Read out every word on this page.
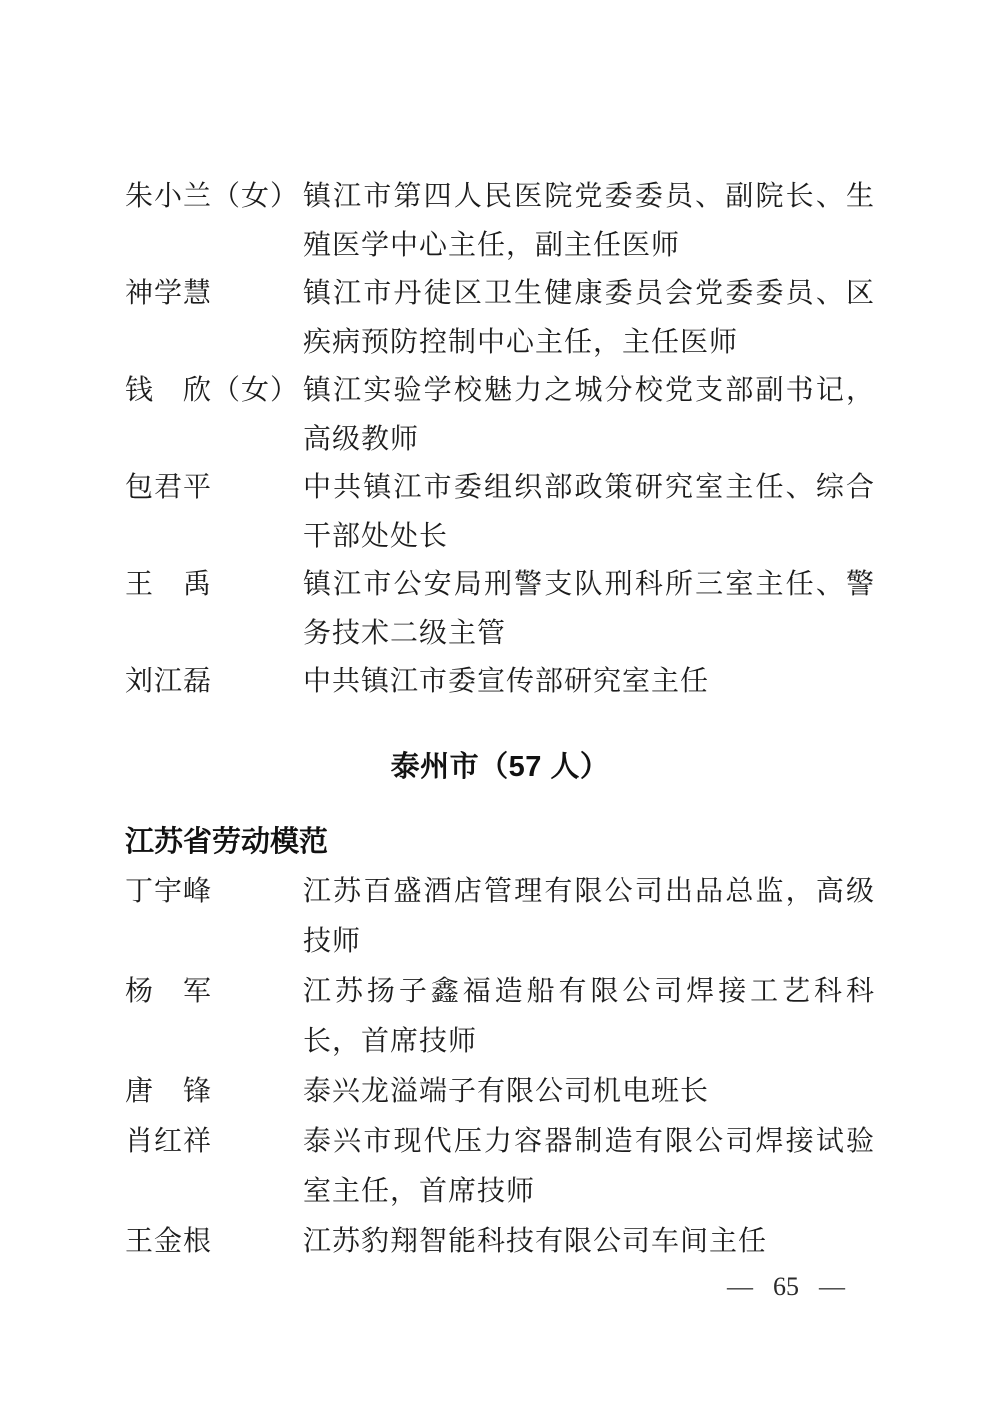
朱小兰（女） 镇江市第四人民医院党委委员、副院长、生殖医学中心主任，副主任医师
神学慧	镇江市丹徒区卫生健康委员会党委委员、区疾病预防控制中心主任，主任医师
钱　欣（女） 镇江实验学校魅力之城分校党支部副书记，高级教师
包君平	中共镇江市委组织部政策研究室主任、综合干部处处长
王　禹	镇江市公安局刑警支队刑科所三室主任、警务技术二级主管
刘江磊	中共镇江市委宣传部研究室主任
泰州市（57 人）
江苏省劳动模范
丁宇峰	江苏百盛酒店管理有限公司出品总监，高级技师
杨　军	江苏扬子鑫福造船有限公司焊接工艺科科长，首席技师
唐　锋	泰兴龙溢端子有限公司机电班长
肖红祥	泰兴市现代压力容器制造有限公司焊接试验室主任，首席技师
王金根	江苏豹翔智能科技有限公司车间主任
— 65 —
